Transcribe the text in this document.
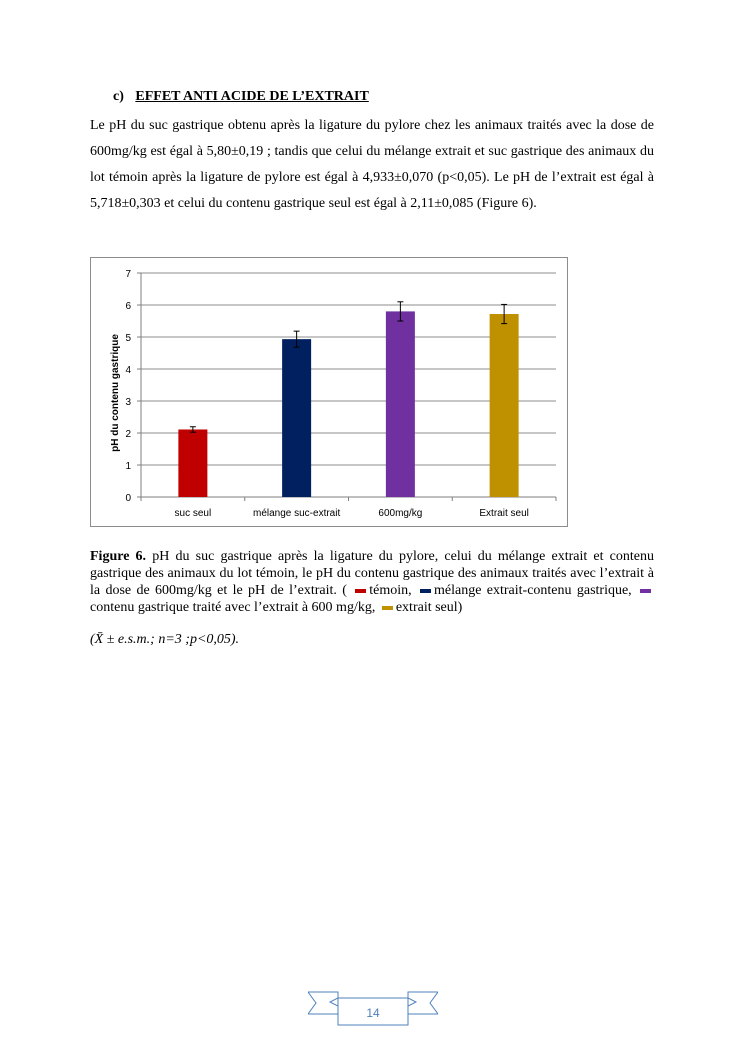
c) EFFET ANTI ACIDE DE L’EXTRAIT
Le pH du suc gastrique obtenu après la ligature du pylore chez les animaux traités avec la dose de 600mg/kg est égal à 5,80±0,19 ; tandis que celui du mélange extrait et suc gastrique des animaux du lot témoin après la ligature de pylore est égal à 4,933±0,070 (p<0,05). Le pH de l’extrait est égal à 5,718±0,303 et celui du contenu gastrique seul est égal à 2,11±0,085 (Figure 6).
0
1
2
3
4
5
6
7
suc seul	mélange suc-extrait	600mg/kg	Extrait seul
pH du contenu gastrique
Figure 6. pH du suc gastrique après la ligature du pylore, celui du mélange extrait et contenu gastrique des animaux du lot témoin, le pH du contenu gastrique des animaux traités avec l’extrait à la dose de 600mg/kg et le pH de l’extrait. ( témoin, mélange extrait-contenu gastrique, contenu gastrique traité avec l’extrait à 600 mg/kg, extrait seul)
(X̄ ± e.s.m.; n=3 ;p<0,05).
14
